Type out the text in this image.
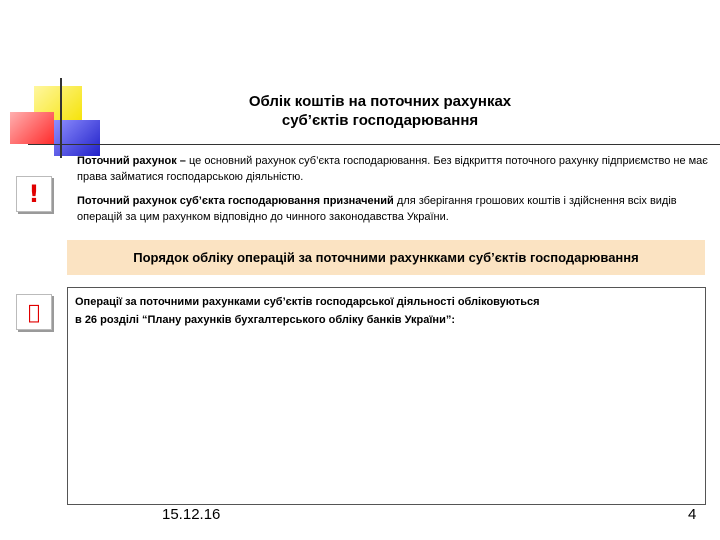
Облік коштів на поточних рахунках
суб’єктів господарювання
!
Поточний рахунок – це основний рахунок суб’єкта господарювання. Без відкриття поточного рахунку підприємство не має права займатися господарською діяльністю.
Поточний рахунок суб’єкта господарювання призначений для зберігання грошових коштів і здійснення всіх видів операцій за цим рахунком відповідно до чинного законодавства України.
Порядок обліку операцій за поточними рахункками суб’єктів господарювання
Операції за поточними рахунками суб’єктів господарської діяльності обліковуються
в 26 розділі “Плану рахунків бухгалтерського обліку банків України”:
15.12.16	4
